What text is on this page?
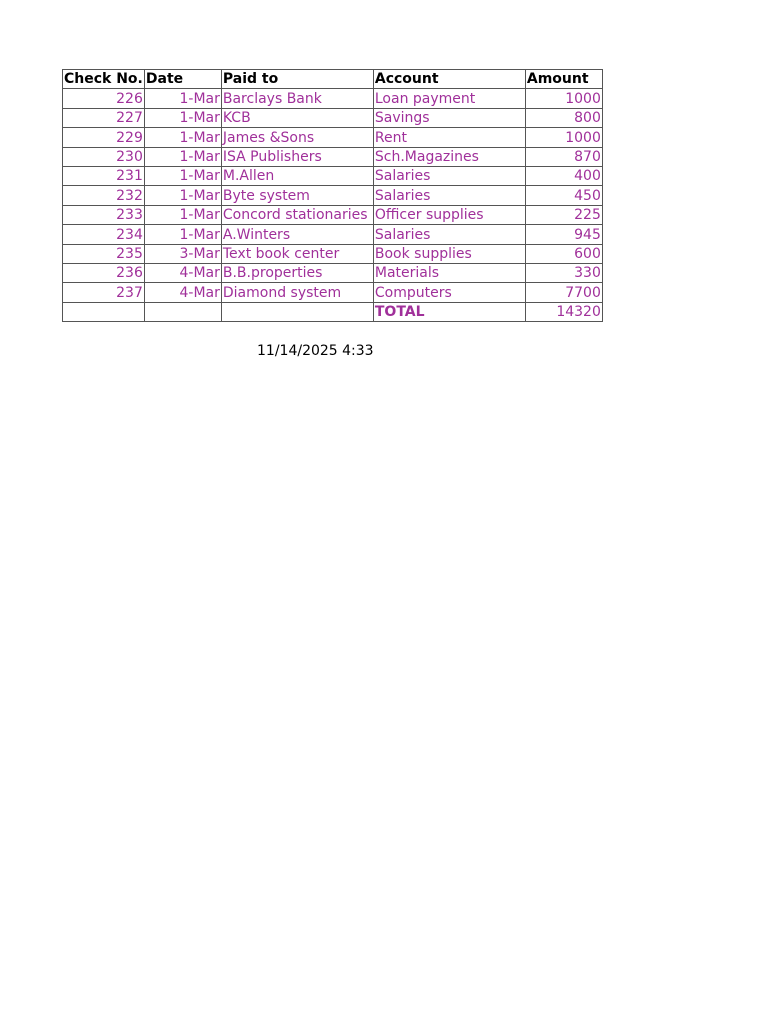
Check No.	Date	Paid to	Account	Amount
226	1-Mar	Barclays Bank	Loan payment	1000
227	1-Mar	KCB	Savings	800
229	1-Mar	James &Sons	Rent	1000
230	1-Mar	ISA Publishers	Sch.Magazines	870
231	1-Mar	M.Allen	Salaries	400
232	1-Mar	Byte system	Salaries	450
233	1-Mar	Concord stationaries	Officer supplies	225
234	1-Mar	A.Winters	Salaries	945
235	3-Mar	Text book center	Book supplies	600
236	4-Mar	B.B.properties	Materials	330
237	4-Mar	Diamond system	Computers	7700
			TOTAL	14320
11/14/2025 4:33
